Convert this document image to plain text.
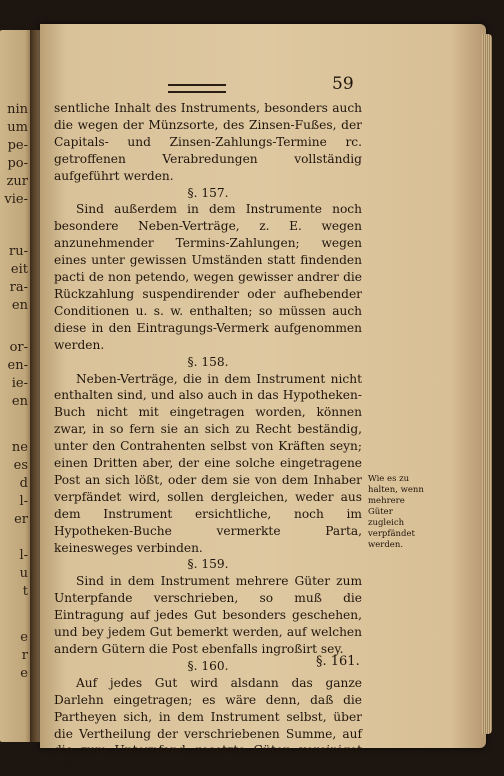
nin
um
pe-
po-
zur
vie-
ru-
eit
ra-
en
or-
en-
ie-
en
ne
es
d
l-
er
l-
u
t
e
r
e
59

sentliche Inhalt des Instruments, besonders auch die wegen der Münzsorte, des Zinsen-Fußes, der Capitals- und Zinsen-Zahlungs-Termine rc. getroffenen Verabredungen vollständig aufgeführt werden.

§. 157.

Sind außerdem in dem Instrumente noch besondere Neben-Verträge, z. E. wegen anzunehmender Termins-Zahlungen; wegen eines unter gewissen Umständen statt findenden pacti de non petendo, wegen gewisser andrer die Rückzahlung suspendirender oder aufhebender Conditionen u. s. w. enthalten; so müssen auch diese in den Eintragungs-Vermerk aufgenommen werden.

§. 158.

Neben-Verträge, die in dem Instrument nicht enthalten sind, und also auch in das Hypotheken-Buch nicht mit eingetragen worden, können zwar, in so fern sie an sich zu Recht beständig, unter den Contrahenten selbst von Kräften seyn; einen Dritten aber, der eine solche eingetragene Post an sich lößt, oder dem sie von dem Inhaber verpfändet wird, sollen dergleichen, weder aus dem Instrument ersichtliche, noch im Hypotheken-Buche vermerkte Parta, keinesweges verbinden.

§. 159.

Sind in dem Instrument mehrere Güter zum Unterpfande verschrieben, so muß die Eintragung auf jedes Gut besonders geschehen, und bey jedem Gut bemerkt werden, auf welchen andern Gütern die Post ebenfalls ingroßirt sey.

§. 160.

Auf jedes Gut wird alsdann das ganze Darlehn eingetragen; es wäre denn, daß die Partheyen sich, in dem Instrument selbst, über die Vertheilung der verschriebenen Summe, auf die zum Unterpfand gesetzte Güter, vereiniget hätten.

Wie es zu halten, wenn mehrere Güter zugleich verpfändet werden.
§. 161.
